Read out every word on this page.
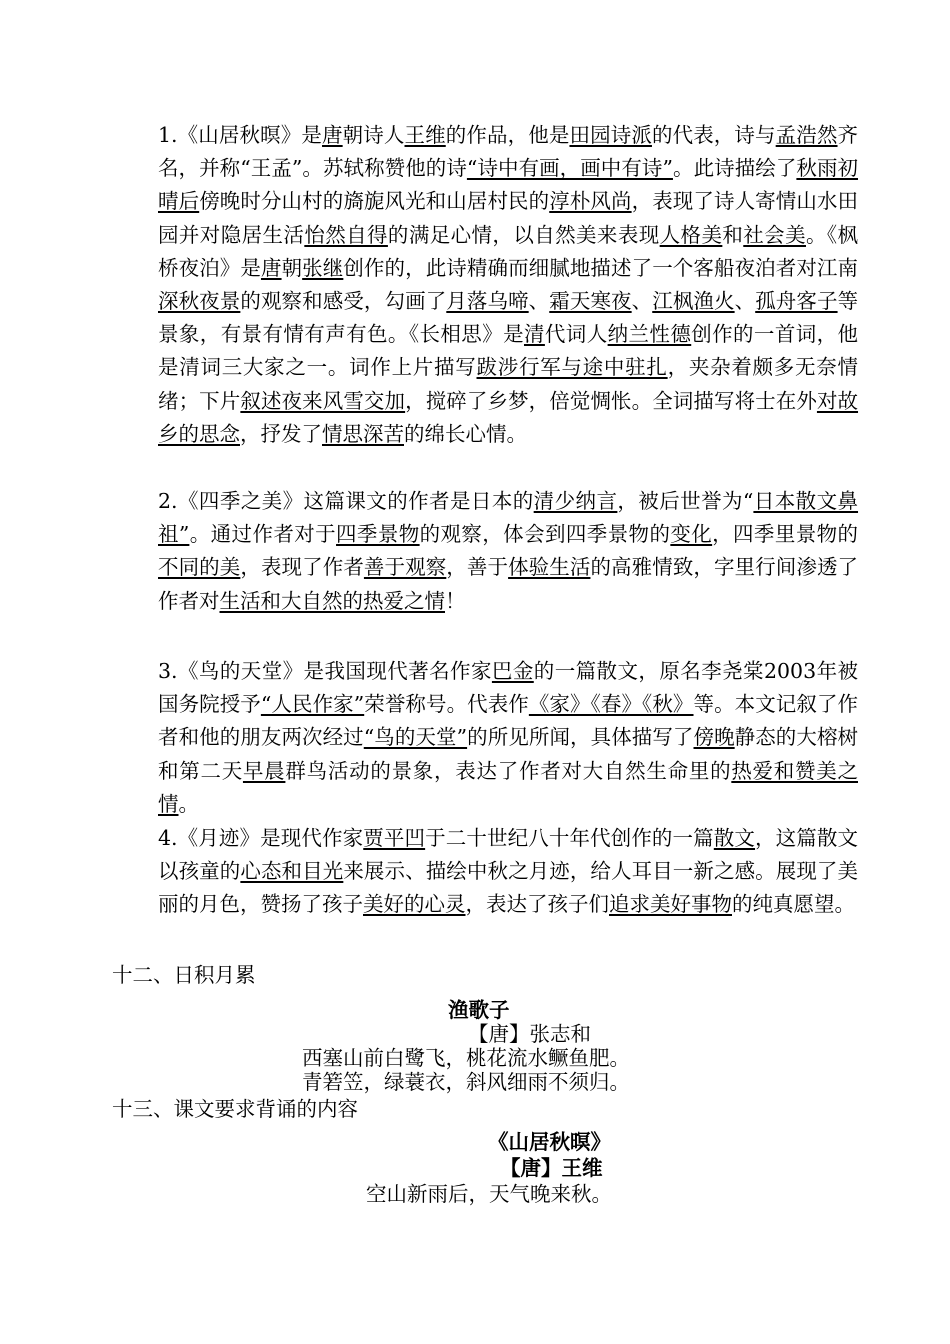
1.《山居秋暝》是唐朝诗人王维的作品，他是田园诗派的代表，诗与孟浩然齐名，并称“王孟”。苏轼称赞他的诗“诗中有画，画中有诗”。此诗描绘了秋雨初晴后傍晚时分山村的旖旎风光和山居村民的淳朴风尚，表现了诗人寄情山水田园并对隐居生活怡然自得的满足心情，以自然美来表现人格美和社会美。《枫桥夜泊》是唐朝张继创作的，此诗精确而细腻地描述了一个客船夜泊者对江南深秋夜景的观察和感受，勾画了月落乌啼、霜天寒夜、江枫渔火、孤舟客子等景象，有景有情有声有色。《长相思》是清代词人纳兰性德创作的一首词，他是清词三大家之一。词作上片描写跋涉行军与途中驻扎，夹杂着颇多无奈情绪；下片叙述夜来风雪交加，搅碎了乡梦，倍觉惆怅。全词描写将士在外对故乡的思念，抒发了情思深苦的绵长心情。

2.《四季之美》这篇课文的作者是日本的清少纳言，被后世誉为“日本散文鼻祖”。通过作者对于四季景物的观察，体会到四季景物的变化，四季里景物的不同的美，表现了作者善于观察，善于体验生活的高雅情致，字里行间渗透了作者对生活和大自然的热爱之情！

3.《鸟的天堂》是我国现代著名作家巴金的一篇散文，原名李尧棠2003年被国务院授予“人民作家”荣誉称号。代表作《家》《春》《秋》等。本文记叙了作者和他的朋友两次经过“鸟的天堂”的所见所闻，具体描写了傍晚静态的大榕树和第二天早晨群鸟活动的景象，表达了作者对大自然生命里的热爱和赞美之情。

4.《月迹》是现代作家贾平凹于二十世纪八十年代创作的一篇散文，这篇散文以孩童的心态和目光来展示、描绘中秋之月迹，给人耳目一新之感。展现了美丽的月色，赞扬了孩子美好的心灵，表达了孩子们追求美好事物的纯真愿望。

十二、日积月累

渔歌子

【唐】张志和

西塞山前白鹭飞，桃花流水鳜鱼肥。

青箬笠，绿蓑衣，斜风细雨不须归。

十三、课文要求背诵的内容

《山居秋暝》

【唐】王维

空山新雨后，天气晚来秋。
